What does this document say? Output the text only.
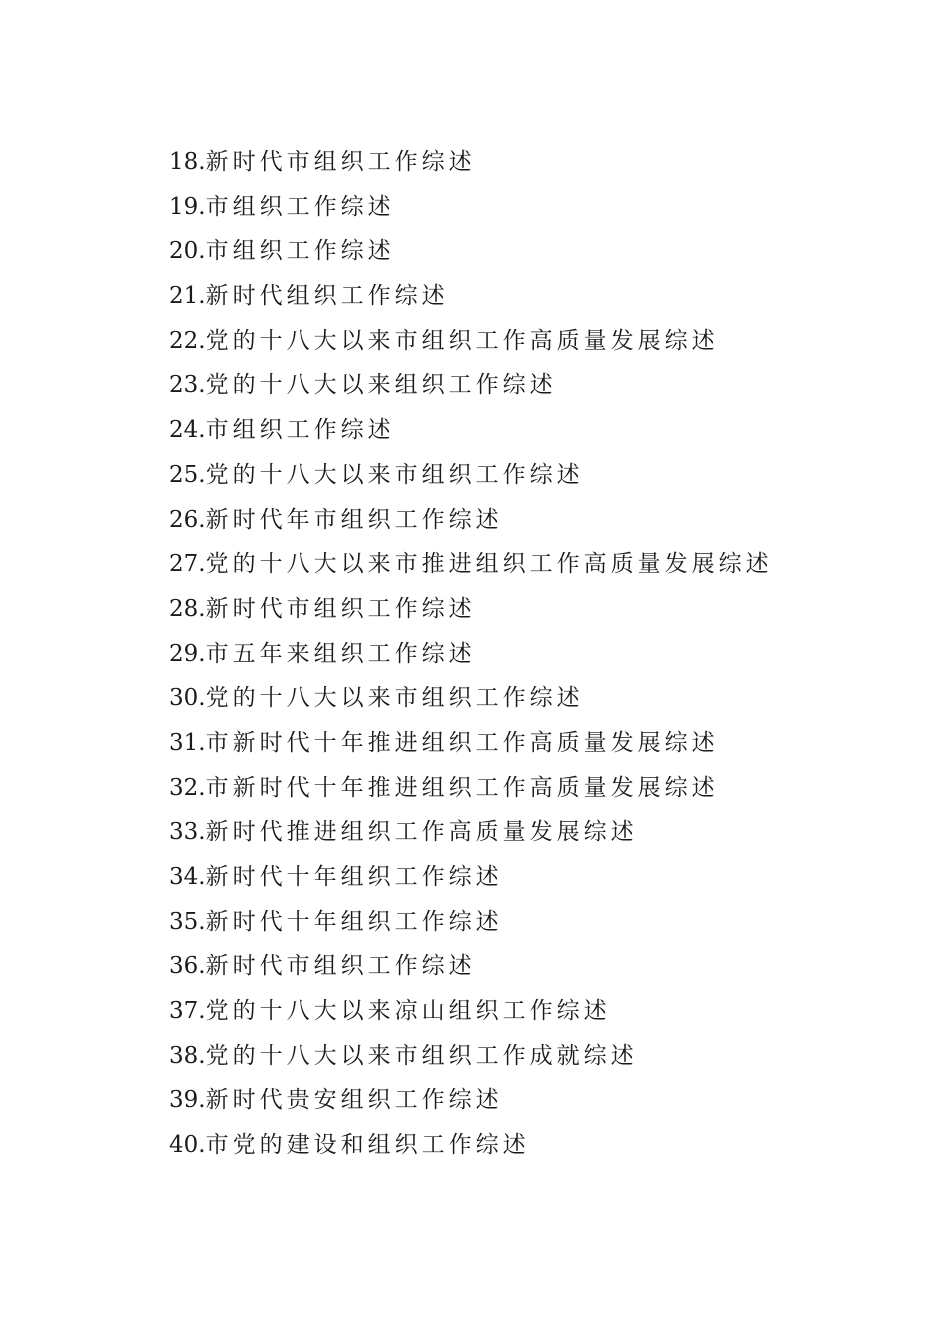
18.新时代市组织工作综述
19.市组织工作综述
20.市组织工作综述
21.新时代组织工作综述
22.党的十八大以来市组织工作高质量发展综述
23.党的十八大以来组织工作综述
24.市组织工作综述
25.党的十八大以来市组织工作综述
26.新时代年市组织工作综述
27.党的十八大以来市推进组织工作高质量发展综述
28.新时代市组织工作综述
29.市五年来组织工作综述
30.党的十八大以来市组织工作综述
31.市新时代十年推进组织工作高质量发展综述
32.市新时代十年推进组织工作高质量发展综述
33.新时代推进组织工作高质量发展综述
34.新时代十年组织工作综述
35.新时代十年组织工作综述
36.新时代市组织工作综述
37.党的十八大以来凉山组织工作综述
38.党的十八大以来市组织工作成就综述
39.新时代贵安组织工作综述
40.市党的建设和组织工作综述
